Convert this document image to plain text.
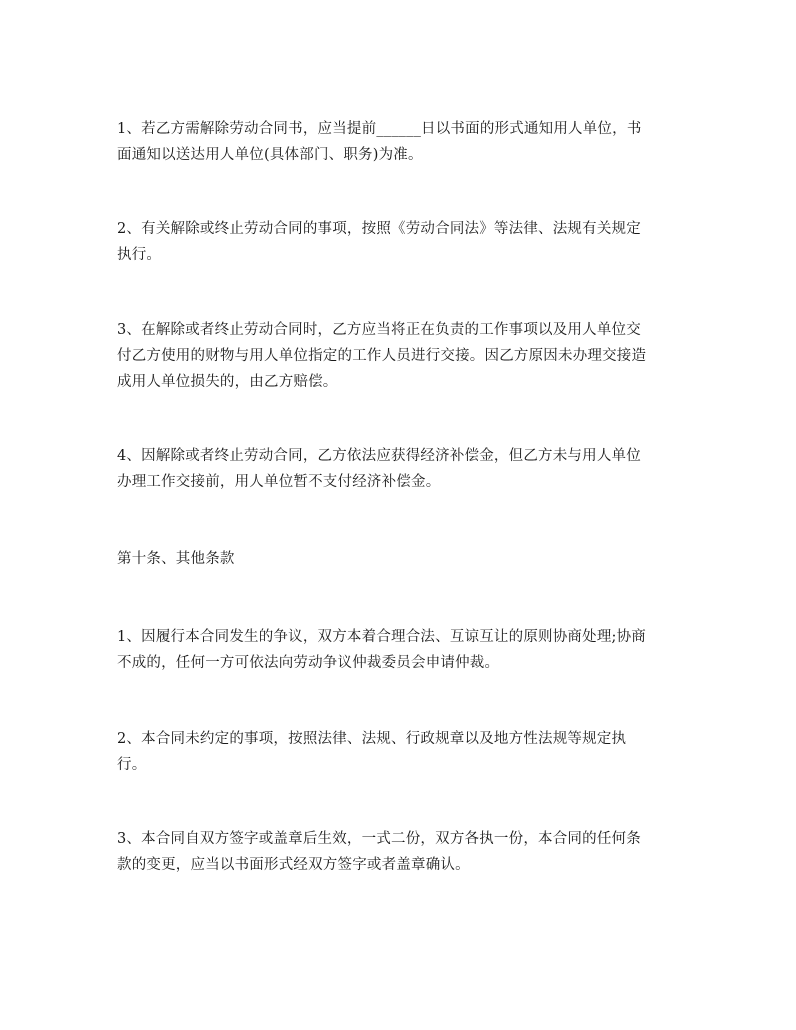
1、若乙方需解除劳动合同书，应当提前______日以书面的形式通知用人单位，书
面通知以送达用人单位(具体部门、职务)为准。
2、有关解除或终止劳动合同的事项，按照《劳动合同法》等法律、法规有关规定
执行。
3、在解除或者终止劳动合同时，乙方应当将正在负责的工作事项以及用人单位交
付乙方使用的财物与用人单位指定的工作人员进行交接。因乙方原因未办理交接造
成用人单位损失的，由乙方赔偿。
4、因解除或者终止劳动合同，乙方依法应获得经济补偿金，但乙方未与用人单位
办理工作交接前，用人单位暂不支付经济补偿金。
第十条、其他条款
1、因履行本合同发生的争议，双方本着合理合法、互谅互让的原则协商处理;协商
不成的，任何一方可依法向劳动争议仲裁委员会申请仲裁。
2、本合同未约定的事项，按照法律、法规、行政规章以及地方性法规等规定执
行。
3、本合同自双方签字或盖章后生效，一式二份，双方各执一份，本合同的任何条
款的变更，应当以书面形式经双方签字或者盖章确认。
